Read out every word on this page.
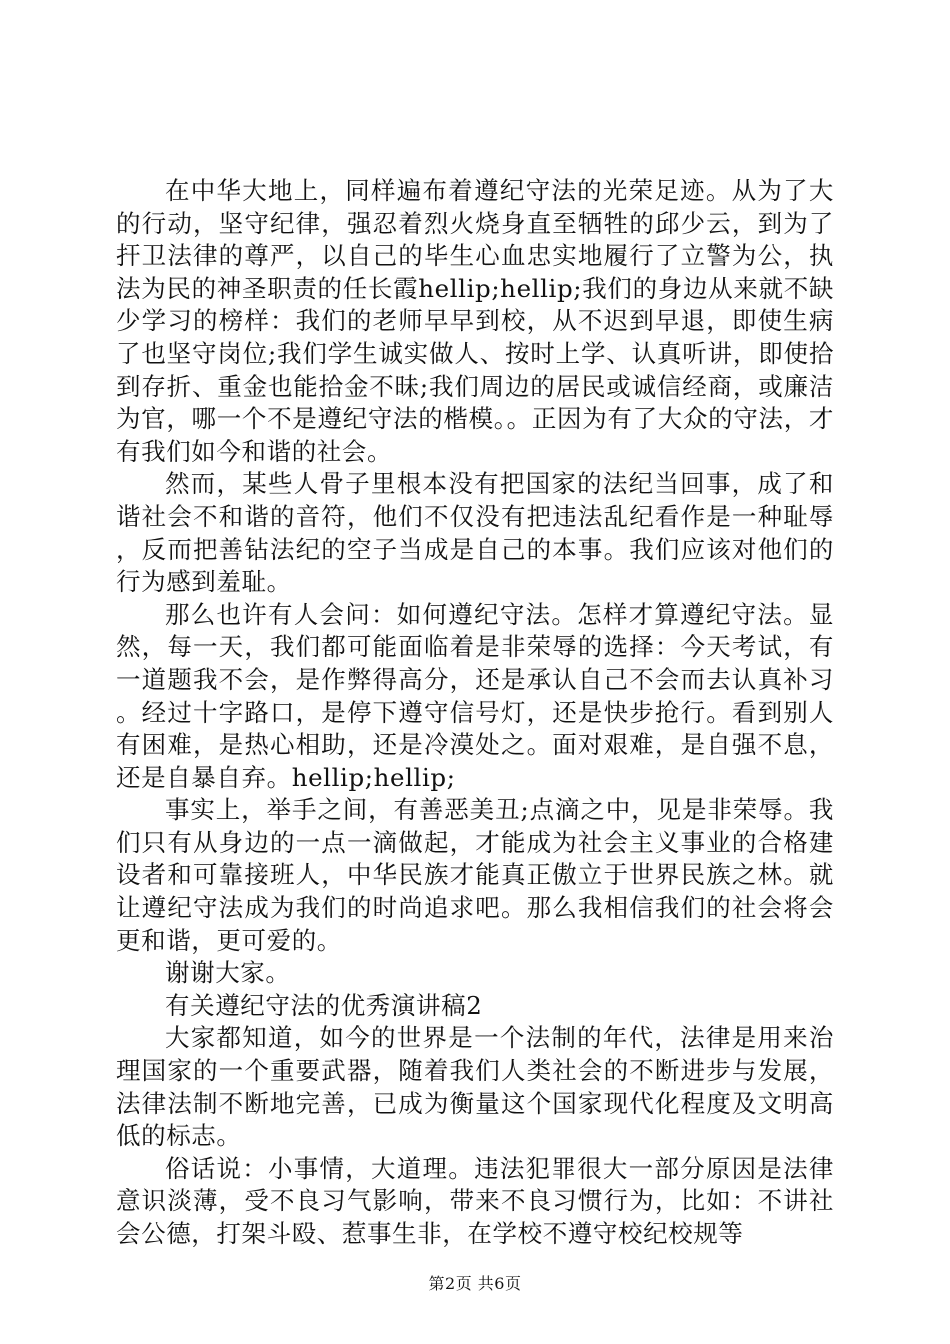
在中华大地上，同样遍布着遵纪守法的光荣足迹。从为了大的行动，坚守纪律，强忍着烈火烧身直至牺牲的邱少云，到为了扞卫法律的尊严，以自己的毕生心血忠实地履行了立警为公，执法为民的神圣职责的任长霞hellip;hellip;我们的身边从来就不缺少学习的榜样：我们的老师早早到校，从不迟到早退，即使生病了也坚守岗位;我们学生诚实做人、按时上学、认真听讲，即使拾到存折、重金也能拾金不昧;我们周边的居民或诚信经商，或廉洁为官，哪一个不是遵纪守法的楷模。。正因为有了大众的守法，才有我们如今和谐的社会。

然而，某些人骨子里根本没有把国家的法纪当回事，成了和谐社会不和谐的音符，他们不仅没有把违法乱纪看作是一种耻辱，反而把善钻法纪的空子当成是自己的本事。我们应该对他们的行为感到羞耻。

那么也许有人会问：如何遵纪守法。怎样才算遵纪守法。显然，每一天，我们都可能面临着是非荣辱的选择：今天考试，有一道题我不会，是作弊得高分，还是承认自己不会而去认真补习。经过十字路口，是停下遵守信号灯，还是快步抢行。看到别人有困难，是热心相助，还是冷漠处之。面对艰难，是自强不息，还是自暴自弃。hellip;hellip;

事实上，举手之间，有善恶美丑;点滴之中，见是非荣辱。我们只有从身边的一点一滴做起，才能成为社会主义事业的合格建设者和可靠接班人，中华民族才能真正傲立于世界民族之林。就让遵纪守法成为我们的时尚追求吧。那么我相信我们的社会将会更和谐，更可爱的。

谢谢大家。

有关遵纪守法的优秀演讲稿2

大家都知道，如今的世界是一个法制的年代，法律是用来治理国家的一个重要武器，随着我们人类社会的不断进步与发展，法律法制不断地完善，已成为衡量这个国家现代化程度及文明高低的标志。

俗话说：小事情，大道理。违法犯罪很大一部分原因是法律意识淡薄，受不良习气影响，带来不良习惯行为，比如：不讲社会公德，打架斗殴、惹事生非，在学校不遵守校纪校规等

第2页 共6页
